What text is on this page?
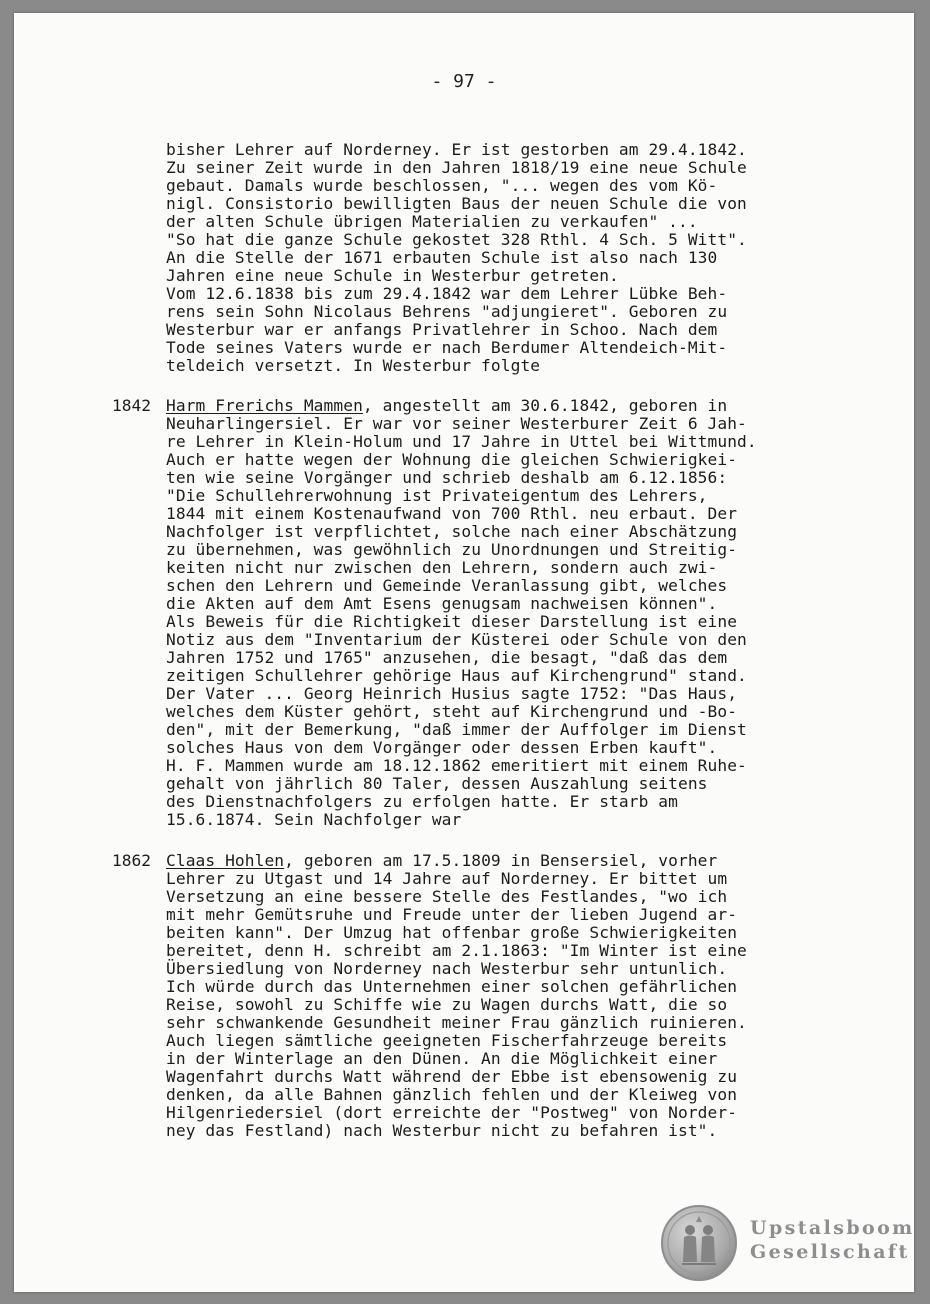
- 97 -
bisher Lehrer auf Norderney. Er ist gestorben am 29.4.1842.
Zu seiner Zeit wurde in den Jahren 1818/19 eine neue Schule
gebaut. Damals wurde beschlossen, "... wegen des vom Kö-
nigl. Consistorio bewilligten Baus der neuen Schule die von
der alten Schule übrigen Materialien zu verkaufen" ...
"So hat die ganze Schule gekostet 328 Rthl. 4 Sch. 5 Witt".
An die Stelle der 1671 erbauten Schule ist also nach 130
Jahren eine neue Schule in Westerbur getreten.
Vom 12.6.1838 bis zum 29.4.1842 war dem Lehrer Lübke Beh-
rens sein Sohn Nicolaus Behrens "adjungieret". Geboren zu
Westerbur war er anfangs Privatlehrer in Schoo. Nach dem
Tode seines Vaters wurde er nach Berdumer Altendeich-Mit-
teldeich versetzt. In Westerbur folgte
1842 Harm Frerichs Mammen, angestellt am 30.6.1842, geboren in
Neuharlingersiel. Er war vor seiner Westerburer Zeit 6 Jah-
re Lehrer in Klein-Holum und 17 Jahre in Uttel bei Wittmund.
Auch er hatte wegen der Wohnung die gleichen Schwierigkei-
ten wie seine Vorgänger und schrieb deshalb am 6.12.1856:
"Die Schullehrerwohnung ist Privateigentum des Lehrers,
1844 mit einem Kostenaufwand von 700 Rthl. neu erbaut. Der
Nachfolger ist verpflichtet, solche nach einer Abschätzung
zu übernehmen, was gewöhnlich zu Unordnungen und Streitig-
keiten nicht nur zwischen den Lehrern, sondern auch zwi-
schen den Lehrern und Gemeinde Veranlassung gibt, welches
die Akten auf dem Amt Esens genugsam nachweisen können".
Als Beweis für die Richtigkeit dieser Darstellung ist eine
Notiz aus dem "Inventarium der Küsterei oder Schule von den
Jahren 1752 und 1765" anzusehen, die besagt, "daß das dem
zeitigen Schullehrer gehörige Haus auf Kirchengrund" stand.
Der Vater ... Georg Heinrich Husius sagte 1752: "Das Haus,
welches dem Küster gehört, steht auf Kirchengrund und -Bo-
den", mit der Bemerkung, "daß immer der Auffolger im Dienst
solches Haus von dem Vorgänger oder dessen Erben kauft".
H. F. Mammen wurde am 18.12.1862 emeritiert mit einem Ruhe-
gehalt von jährlich 80 Taler, dessen Auszahlung seitens
des Dienstnachfolgers zu erfolgen hatte. Er starb am
15.6.1874. Sein Nachfolger war
1862 Claas Hohlen, geboren am 17.5.1809 in Bensersiel, vorher
Lehrer zu Utgast und 14 Jahre auf Norderney. Er bittet um
Versetzung an eine bessere Stelle des Festlandes, "wo ich
mit mehr Gemütsruhe und Freude unter der lieben Jugend ar-
beiten kann". Der Umzug hat offenbar große Schwierigkeiten
bereitet, denn H. schreibt am 2.1.1863: "Im Winter ist eine
Übersiedlung von Norderney nach Westerbur sehr untunlich.
Ich würde durch das Unternehmen einer solchen gefährlichen
Reise, sowohl zu Schiffe wie zu Wagen durchs Watt, die so
sehr schwankende Gesundheit meiner Frau gänzlich ruinieren.
Auch liegen sämtliche geeigneten Fischerfahrzeuge bereits
in der Winterlage an den Dünen. An die Möglichkeit einer
Wagenfahrt durchs Watt während der Ebbe ist ebensowenig zu
denken, da alle Bahnen gänzlich fehlen und der Kleiweg von
Hilgenriedersiel (dort erreichte der "Postweg" von Norder-
ney das Festland) nach Westerbur nicht zu befahren ist".
Upstalsboom
Gesellschaft
